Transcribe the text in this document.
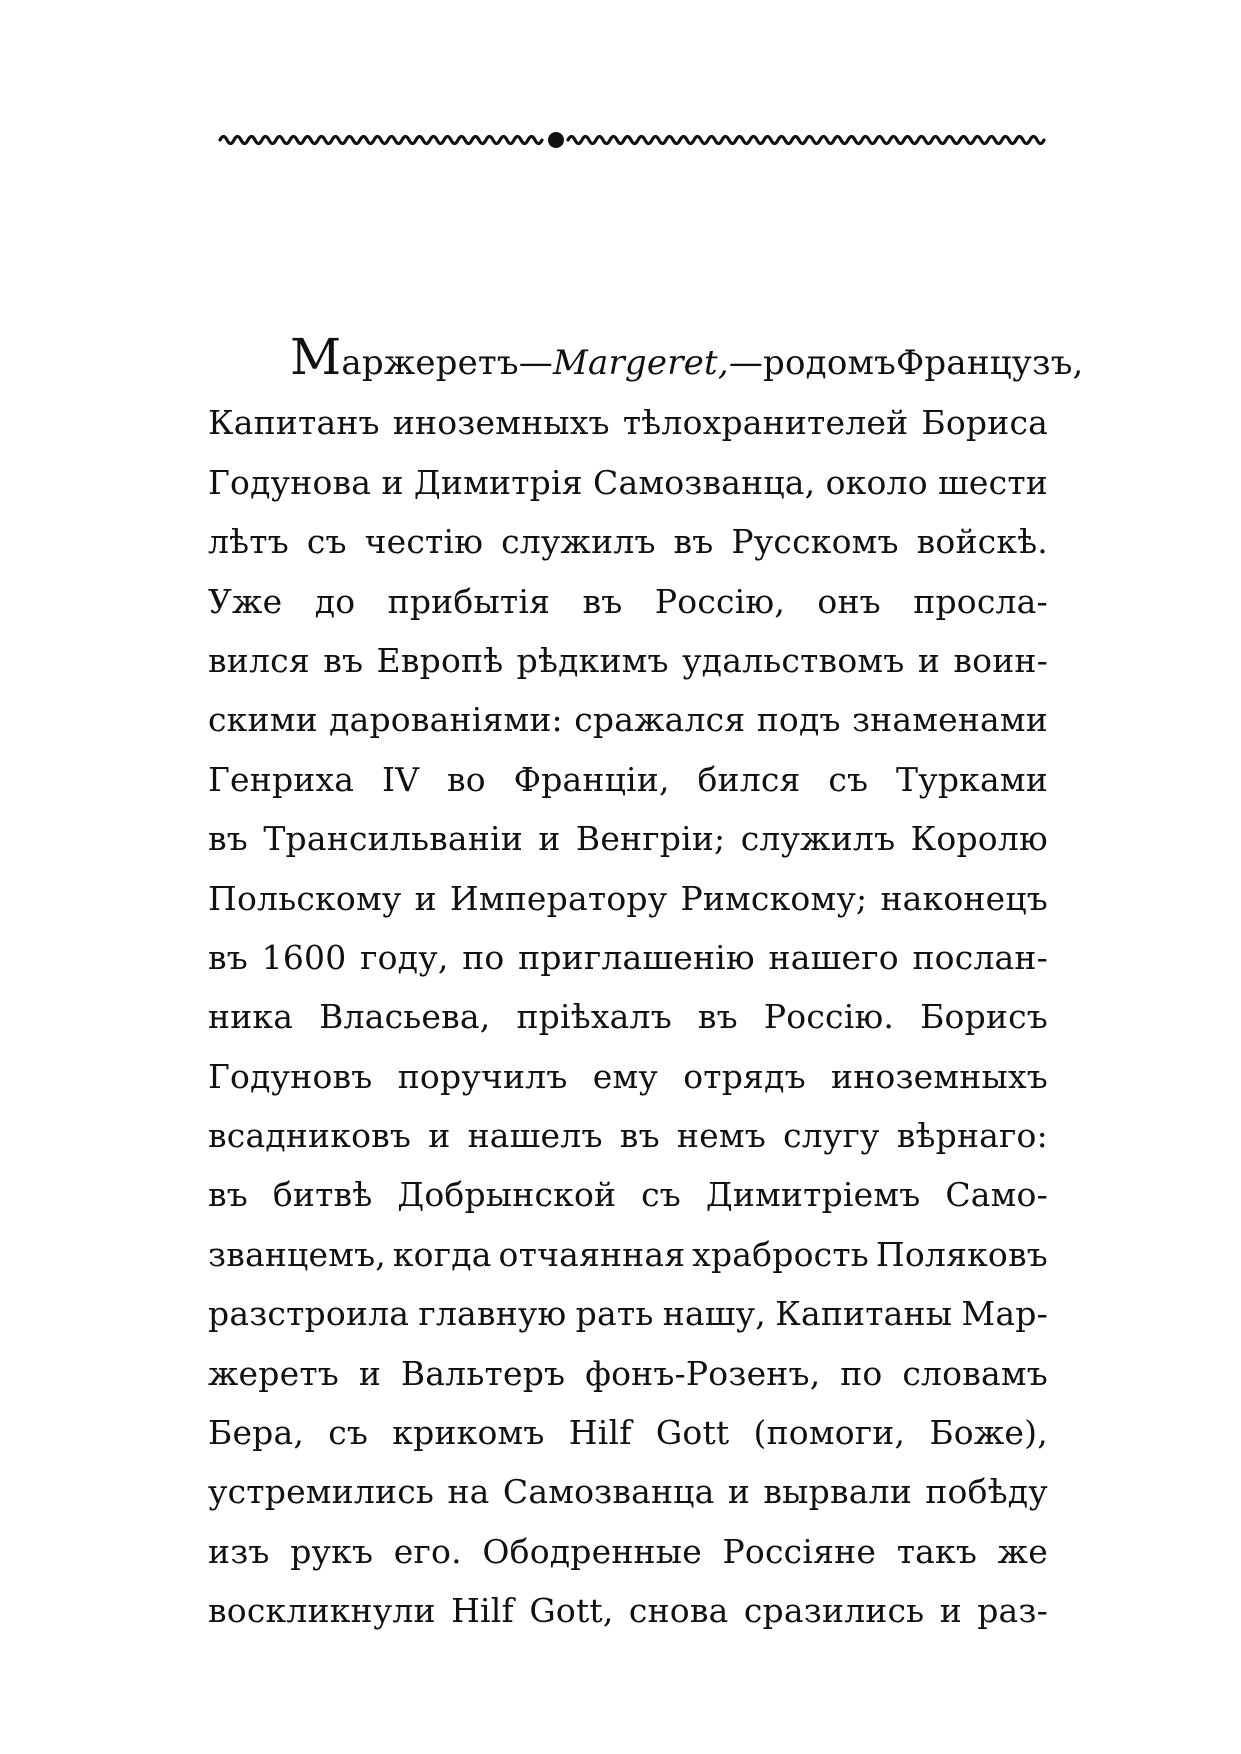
Маржеретъ—Margeret,—родомъ Французъ,
Капитанъ иноземныхъ тѣлохранителей Бориса
Годунова и Димитрія Самозванца, около шести
лѣтъ съ честію служилъ въ Русскомъ войскѣ.
Уже до прибытія въ Россію, онъ просла-
вился въ Европѣ рѣдкимъ удальствомъ и воин-
скими дарованіями: сражался подъ знаменами
Генриха IV во Франціи, бился съ Турками
въ Трансильваніи и Венгріи; служилъ Королю
Польскому и Императору Римскому; наконецъ
въ 1600 году, по приглашенію нашего послан-
ника Власьева, пріѣхалъ въ Россію. Борисъ
Годуновъ поручилъ ему отрядъ иноземныхъ
всадниковъ и нашелъ въ немъ слугу вѣрнаго:
въ битвѣ Добрынской съ Димитріемъ Само-
званцемъ, когда отчаянная храбрость Поляковъ
разстроила главную рать нашу, Капитаны Мар-
жеретъ и Вальтеръ фонъ-Розенъ, по словамъ
Бера, съ крикомъ Hilf Gott (помоги, Боже),
устремились на Самозванца и вырвали побѣду
изъ рукъ его. Ободренные Россіяне такъ же
воскликнули Hilf Gott, снова сразились и раз-
